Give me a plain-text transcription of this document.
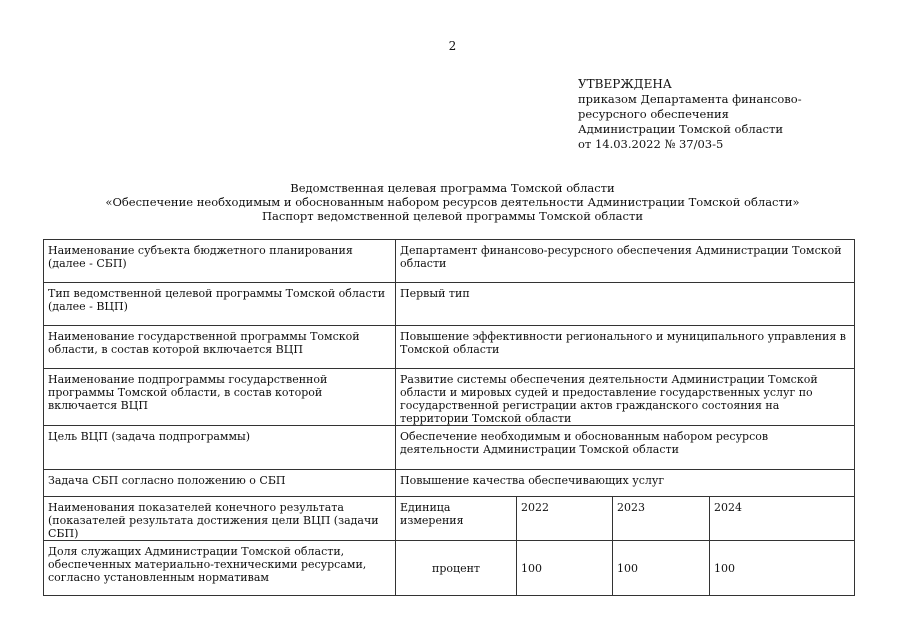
2
УТВЕРЖДЕНА
приказом Департамента финансово-
ресурсного обеспечения
Администрации Томской области
от 14.03.2022 № 37/03-5
Ведомственная целевая программа Томской области
«Обеспечение необходимым и обоснованным набором ресурсов деятельности Администрации Томской области»
Паспорт ведомственной целевой программы Томской области
Наименование субъекта бюджетного планирования (далее - СБП)	Департамент финансово-ресурсного обеспечения Администрации Томской области			
Тип ведомственной целевой программы Томской области (далее - ВЦП)	Первый тип			
Наименование государственной программы Томской области, в состав которой включается ВЦП	Повышение эффективности регионального и муниципального управления в Томской области			
Наименование подпрограммы государственной программы Томской области, в состав которой включается ВЦП	Развитие системы обеспечения деятельности Администрации Томской области и мировых судей и предоставление государственных услуг по государственной регистрации актов гражданского состояния на территории Томской области			
Цель ВЦП (задача подпрограммы)	Обеспечение необходимым и обоснованным набором ресурсов деятельности Администрации Томской области			
Задача СБП согласно положению о СБП	Повышение качества обеспечивающих услуг			
Наименования показателей конечного результата (показателей результата достижения цели ВЦП (задачи СБП)	Единица измерения	2022	2023	2024
Доля служащих Администрации Томской области, обеспеченных материально-техническими ресурсами, согласно установленным нормативам	процент	100	100	100
